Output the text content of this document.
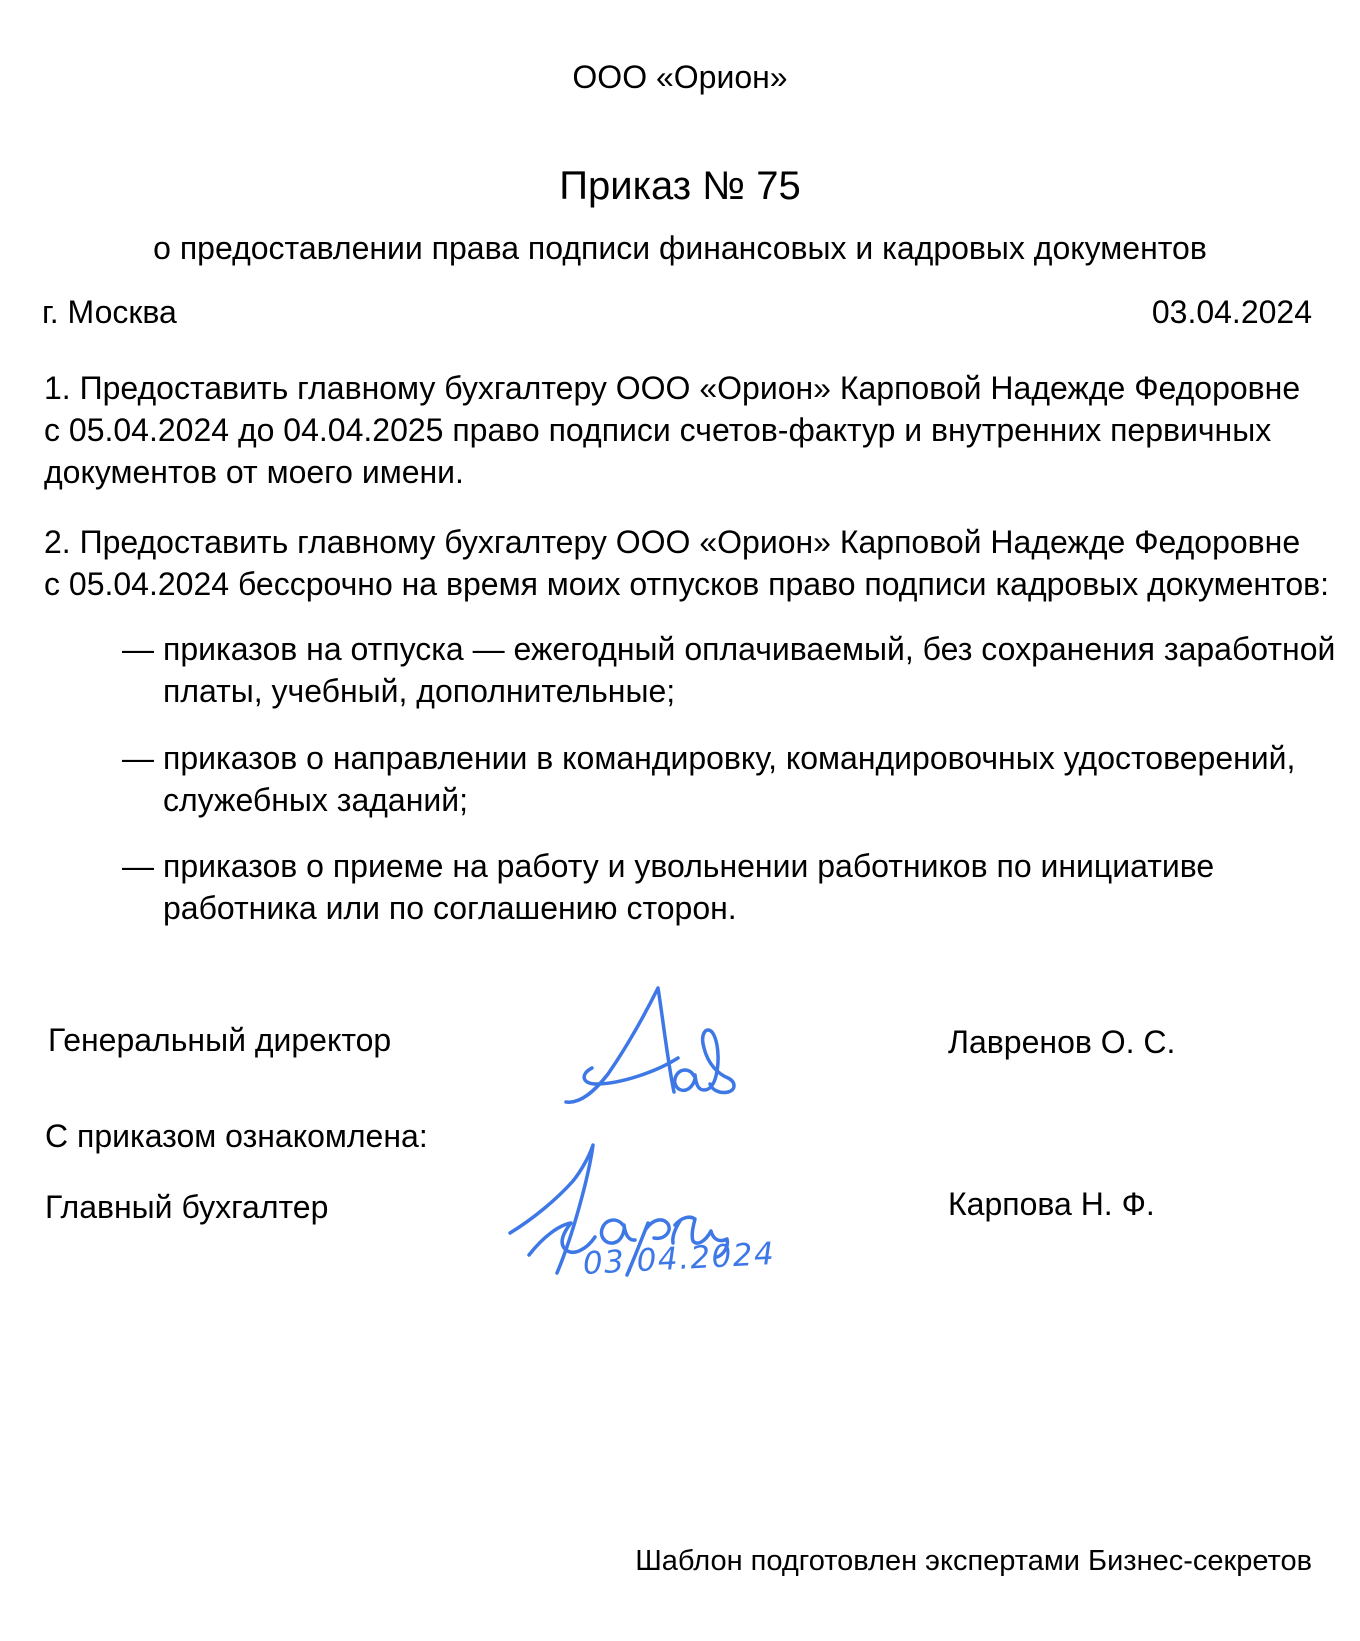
ООО «Орион»
Приказ № 75
о предоставлении права подписи финансовых и кадровых документов
г. Москва	03.04.2024
1. Предоставить главному бухгалтеру ООО «Орион» Карповой Надежде Федоровне
с 05.04.2024 до 04.04.2025 право подписи счетов-фактур и внутренних первичных
документов от моего имени.
2. Предоставить главному бухгалтеру ООО «Орион» Карповой Надежде Федоровне
с 05.04.2024 бессрочно на время моих отпусков право подписи кадровых документов:
— приказов на отпуска — ежегодный оплачиваемый, без сохранения заработной
платы, учебный, дополнительные;
— приказов о направлении в командировку, командировочных удостоверений,
служебных заданий;
— приказов о приеме на работу и увольнении работников по инициативе
работника или по соглашению сторон.
Генеральный директор	Лавренов О. С.
С приказом ознакомлена:
Главный бухгалтер	Карпова Н. Ф.
03.04.2024
Шаблон подготовлен экспертами Бизнес-секретов
